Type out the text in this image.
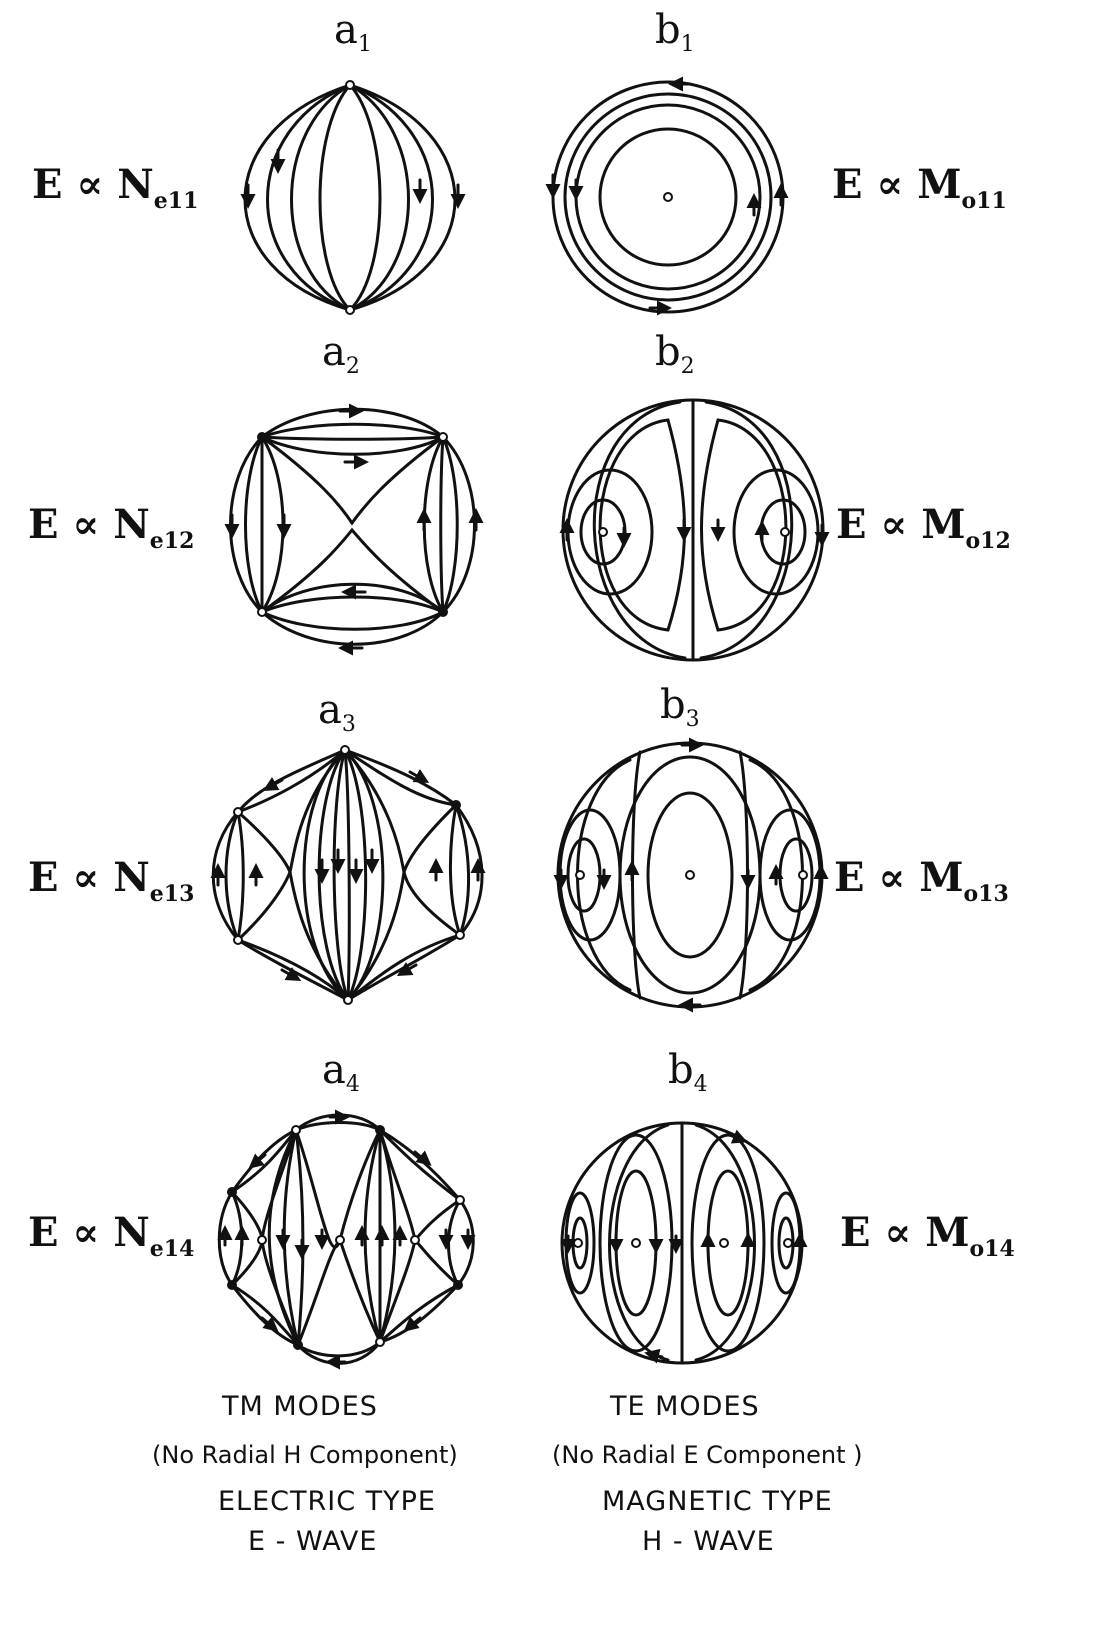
$a_1$	$b_1$
$a_2$	$b_2$
$a_3$	$b_3$
$a_4$	$b_4$
$E \propto N_{e11}$	$E \propto M_{o11}$
$E \propto N_{e12}$	$E \propto M_{o12}$
$E \propto N_{e13}$	$E \propto M_{o13}$
$E \propto N_{e14}$	$E \propto M_{o14}$
TM MODES
(No Radial H Component)
ELECTRIC TYPE
E - WAVE
TE MODES
(No Radial E Component )
MAGNETIC TYPE
H - WAVE
